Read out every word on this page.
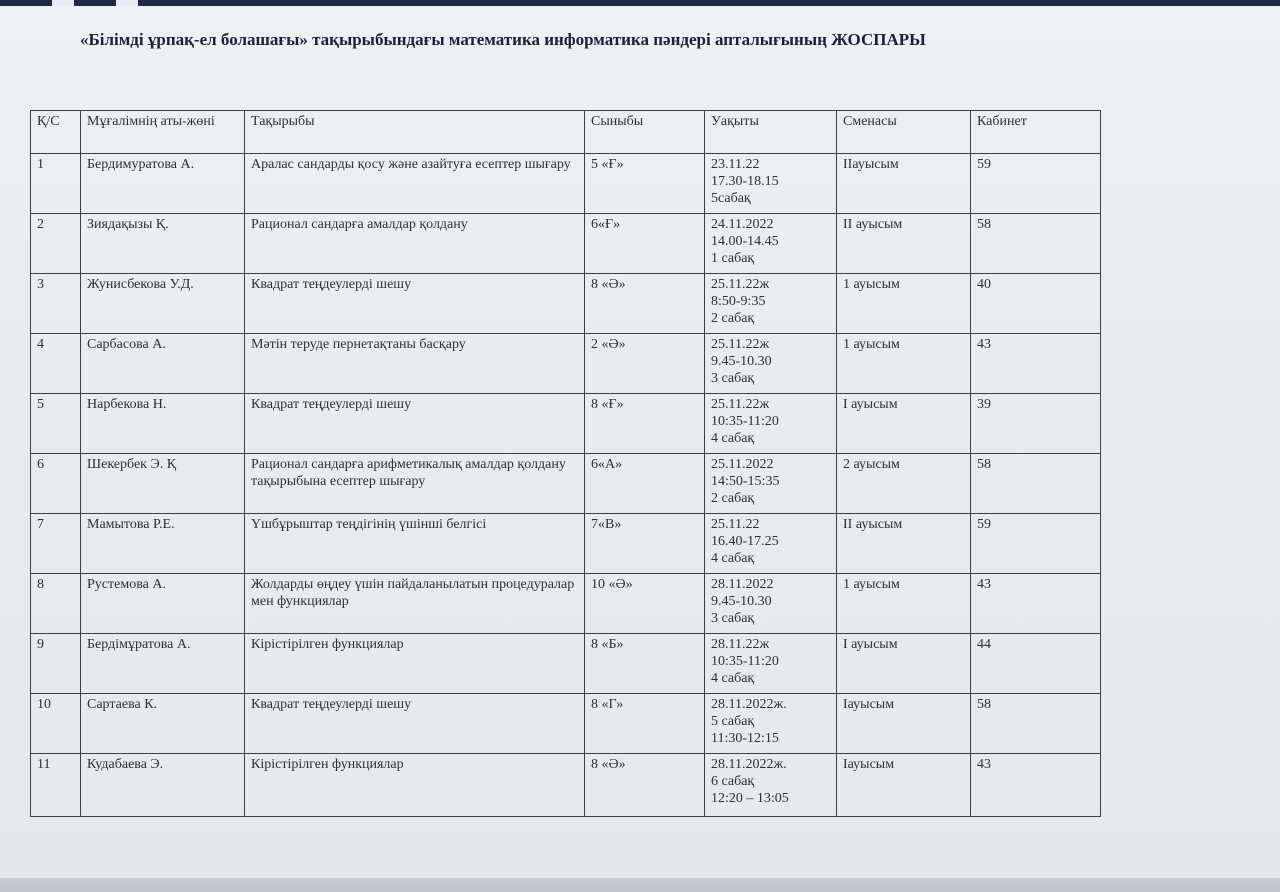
«Білімді ұрпақ-ел болашағы» тақырыбындағы математика информатика пәндері апталығының ЖОСПАРЫ
Қ/С	Мұғалімнің аты-жөні	Тақырыбы	Сыныбы	Уақыты	Сменасы	Кабинет
1	Бердимуратова А.	Аралас сандарды қосу және азайтуға есептер шығару	5 «Ғ»	23.11.22
17.30-18.15
5сабақ	IIауысым	59
2	Зиядақызы Қ.	Рационал сандарға амалдар қолдану	6«Ғ»	24.11.2022
14.00-14.45
1 сабақ	II ауысым	58
3	Жунисбекова У.Д.	Квадрат теңдеулерді шешу	8 «Ә»	25.11.22ж
8:50-9:35
2 сабақ	1 ауысым	40
4	Сарбасова А.	Мәтін теруде пернетақтаны басқару	2 «Ә»	25.11.22ж
9.45-10.30
3 сабақ	1 ауысым	43
5	Нарбекова Н.	Квадрат теңдеулерді шешу	8 «Ғ»	25.11.22ж
10:35-11:20
4 сабақ	I ауысым	39
6	Шекербек Э. Қ	Рационал сандарға арифметикалық амалдар қолдану тақырыбына есептер шығару	6«А»	25.11.2022
14:50-15:35
2 сабақ	2 ауысым	58
7	Мамытова Р.Е.	Үшбұрыштар теңдігінің үшінші белгісі	7«В»	25.11.22
16.40-17.25
4 сабақ	II ауысым	59
8	Рустемова А.	Жолдарды өңдеу үшін пайдаланылатын процедуралар мен функциялар	10 «Ә»	28.11.2022
9.45-10.30
3 сабақ	1 ауысым	43
9	Бердімұратова А.	Кірістірілген функциялар	8 «Б»	28.11.22ж
10:35-11:20
4 сабақ	I ауысым	44
10	Сартаева К.	Квадрат теңдеулерді шешу	8 «Г»	28.11.2022ж.
5 сабақ
11:30-12:15	Iауысым	58
11	Кудабаева Э.	Кірістірілген функциялар	8 «Ә»	28.11.2022ж.
6 сабақ
12:20 – 13:05	Iауысым	43
